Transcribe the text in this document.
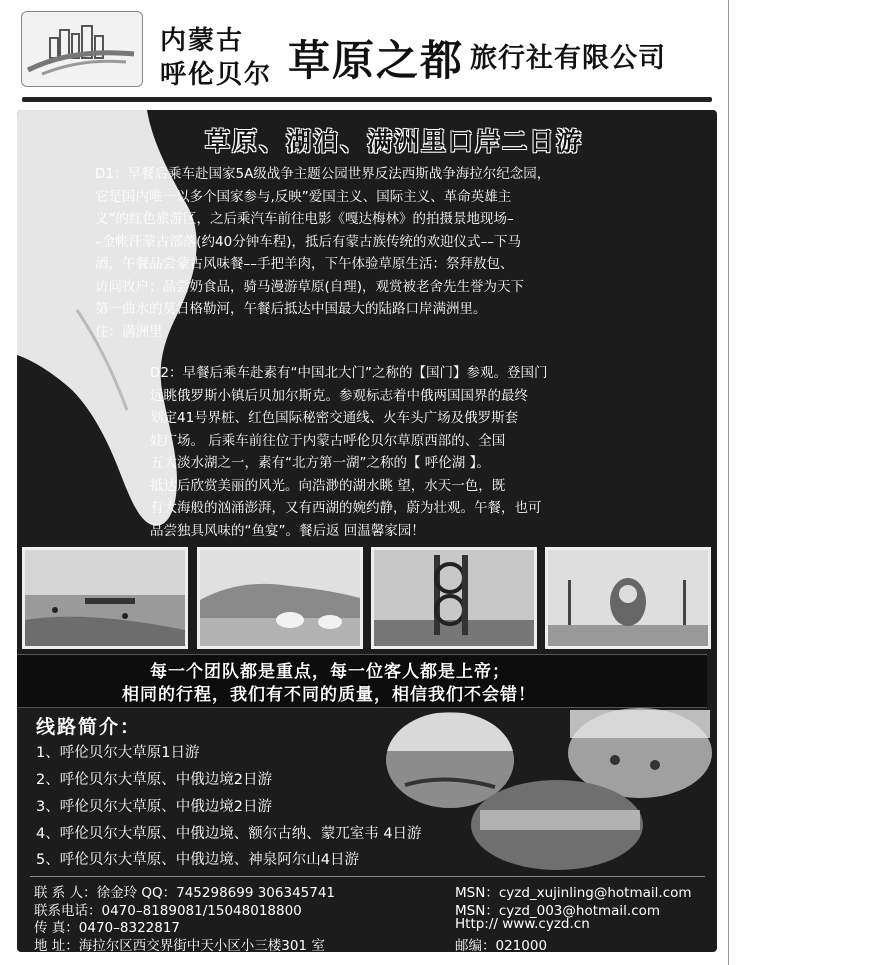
内蒙古
呼伦贝尔 草原之都 旅行社有限公司
草原、湖泊、满洲里口岸二日游
D1：早餐后乘车赴国家5A级战争主题公园世界反法西斯战争海拉尔纪念园，
它是国内唯一以多个国家参与,反映”爱国主义、国际主义、革命英雄主
义”的红色旅游区，之后乘汽车前往电影《嘎达梅林》的拍摄景地现场–
–金帐汗蒙古部落(约40分钟车程)，抵后有蒙古族传统的欢迎仪式––下马
酒，午餐品尝蒙古风味餐––手把羊肉，下午体验草原生活：祭拜敖包、
访问牧户；品尝奶食品，骑马漫游草原(自理)，观赏被老舍先生誉为天下
第一曲水的莫日格勒河，午餐后抵达中国最大的陆路口岸满洲里。
住：满洲里
D2：早餐后乘车赴素有“中国北大门”之称的【国门】参观。登国门
远眺俄罗斯小镇后贝加尔斯克。参观标志着中俄两国国界的最终
划定41号界桩、红色国际秘密交通线、火车头广场及俄罗斯套
娃广场。 后乘车前往位于内蒙古呼伦贝尔草原西部的、全国
五大淡水湖之一，素有“北方第一湖”之称的【 呼伦湖 】。
抵达后欣赏美丽的风光。向浩渺的湖水眺 望，水天一色，既
有大海般的汹涌澎湃，又有西湖的婉约静，蔚为壮观。午餐，也可
品尝独具风味的“鱼宴”。餐后返 回温馨家园！
每一个团队都是重点，每一位客人都是上帝；
相同的行程，我们有不同的质量，相信我们不会错！
线路简介：
1、呼伦贝尔大草原1日游
2、呼伦贝尔大草原、中俄边境2日游
3、呼伦贝尔大草原、中俄边境2日游
4、呼伦贝尔大草原、中俄边境、额尔古纳、蒙兀室韦 4日游
5、呼伦贝尔大草原、中俄边境、神泉阿尔山4日游
联 系 人：徐金玲 QQ：745298699 306345741
联系电话：0470–8189081/15048018800
传 真：0470–8322817
地 址：海拉尔区西交界街中天小区小三楼301 室
MSN：cyzd_xujinling@hotmail.com
MSN：cyzd_003@hotmail.com
Http:// www.cyzd.cn
邮编：021000
